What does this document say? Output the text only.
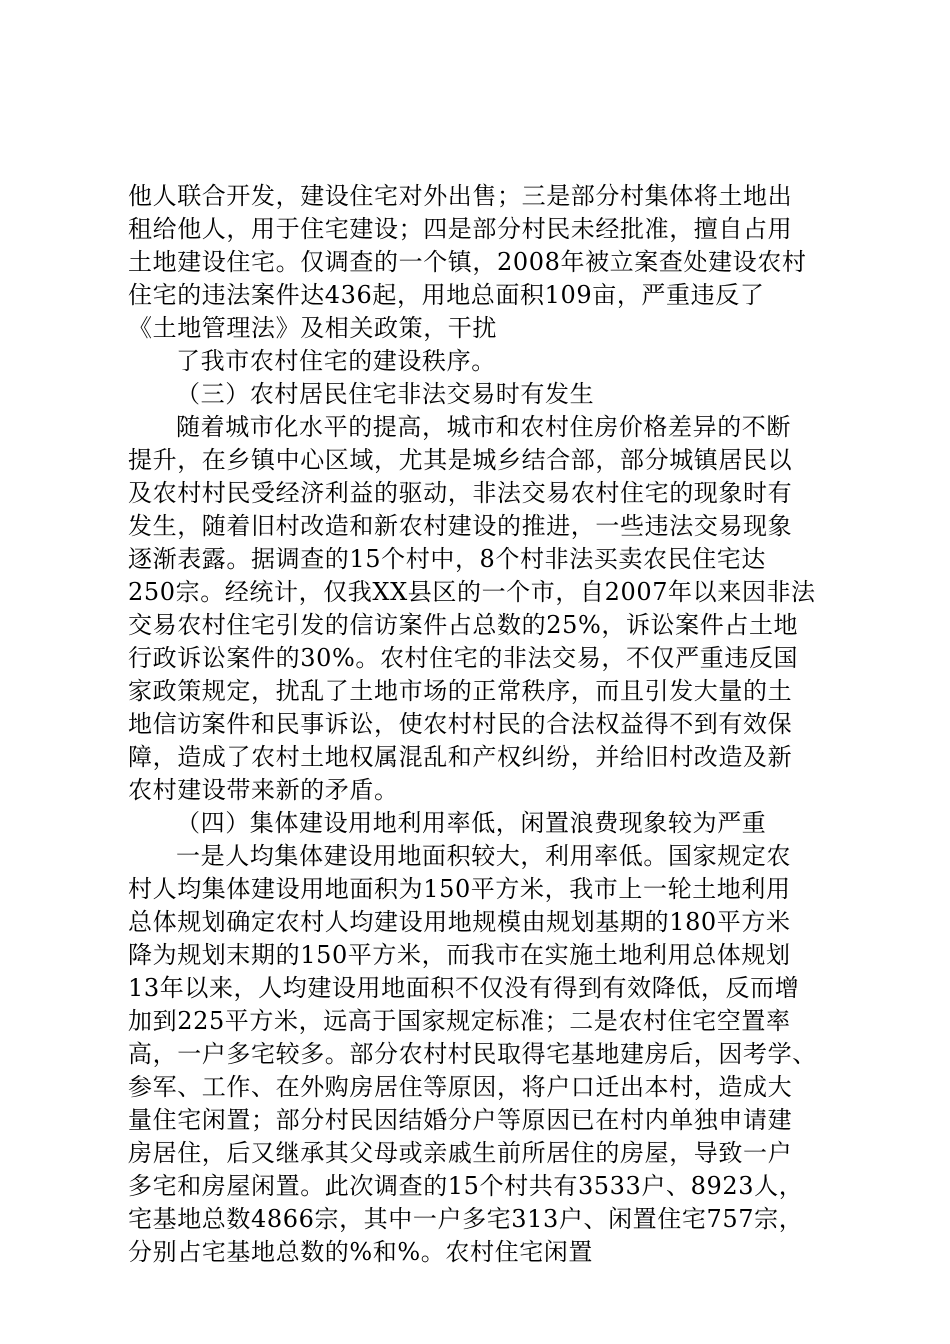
他人联合开发，建设住宅对外出售；三是部分村集体将土地出
租给他人，用于住宅建设；四是部分村民未经批准，擅自占用
土地建设住宅。仅调查的一个镇，2008年被立案查处建设农村
住宅的违法案件达436起，用地总面积109亩，严重违反了
《土地管理法》及相关政策，干扰
了我市农村住宅的建设秩序。
（三）农村居民住宅非法交易时有发生
随着城市化水平的提高，城市和农村住房价格差异的不断
提升，在乡镇中心区域，尤其是城乡结合部，部分城镇居民以
及农村村民受经济利益的驱动，非法交易农村住宅的现象时有
发生，随着旧村改造和新农村建设的推进，一些违法交易现象
逐渐表露。据调查的15个村中，8个村非法买卖农民住宅达
250宗。经统计，仅我XX县区的一个市，自2007年以来因非法
交易农村住宅引发的信访案件占总数的25%，诉讼案件占土地
行政诉讼案件的30%。农村住宅的非法交易，不仅严重违反国
家政策规定，扰乱了土地市场的正常秩序，而且引发大量的土
地信访案件和民事诉讼，使农村村民的合法权益得不到有效保
障，造成了农村土地权属混乱和产权纠纷，并给旧村改造及新
农村建设带来新的矛盾。
（四）集体建设用地利用率低，闲置浪费现象较为严重
一是人均集体建设用地面积较大，利用率低。国家规定农
村人均集体建设用地面积为150平方米，我市上一轮土地利用
总体规划确定农村人均建设用地规模由规划基期的180平方米
降为规划末期的150平方米，而我市在实施土地利用总体规划
13年以来，人均建设用地面积不仅没有得到有效降低，反而增
加到225平方米，远高于国家规定标准；二是农村住宅空置率
高，一户多宅较多。部分农村村民取得宅基地建房后，因考学、
参军、工作、在外购房居住等原因，将户口迁出本村，造成大
量住宅闲置；部分村民因结婚分户等原因已在村内单独申请建
房居住，后又继承其父母或亲戚生前所居住的房屋，导致一户
多宅和房屋闲置。此次调查的15个村共有3533户、8923人，
宅基地总数4866宗，其中一户多宅313户、闲置住宅757宗，
分别占宅基地总数的%和%。农村住宅闲置
